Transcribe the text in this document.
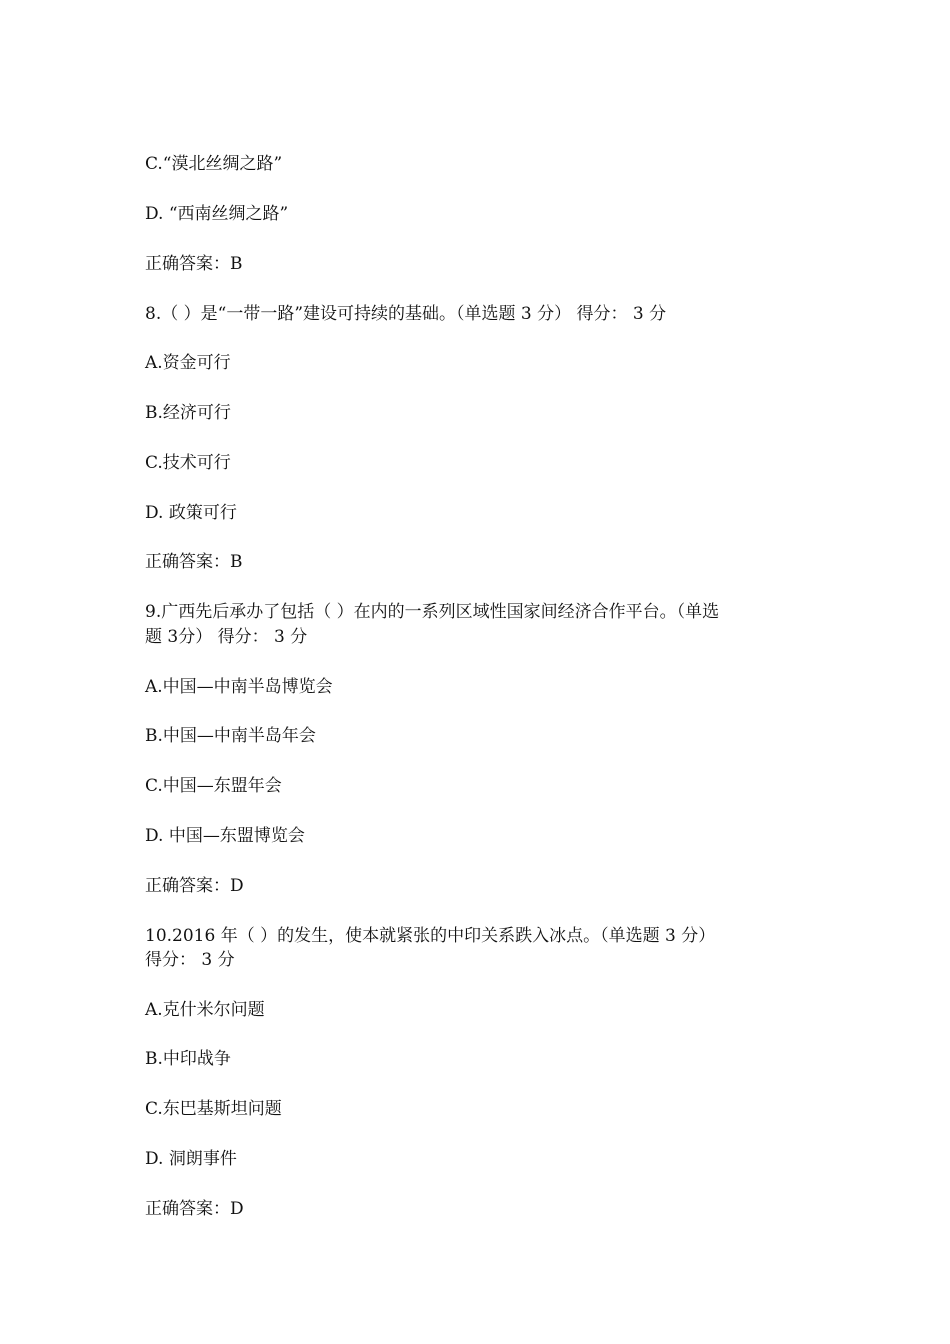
C.“漠北丝绸之路”

D. “西南丝绸之路”

正确答案：B

8.（ ）是“一带一路”建设可持续的基础。（单选题 3 分） 得分： 3 分

A.资金可行

B.经济可行

C.技术可行

D. 政策可行

正确答案：B

9.广西先后承办了包括（ ）在内的一系列区域性国家间经济合作平台。（单选

题 3分） 得分： 3 分

A.中国—中南半岛博览会

B.中国—中南半岛年会

C.中国—东盟年会

D. 中国—东盟博览会

正确答案：D

10.2016 年（ ）的发生，使本就紧张的中印关系跌入冰点。（单选题 3 分）

得分： 3 分

A.克什米尔问题

B.中印战争

C.东巴基斯坦问题

D. 洞朗事件

正确答案：D
